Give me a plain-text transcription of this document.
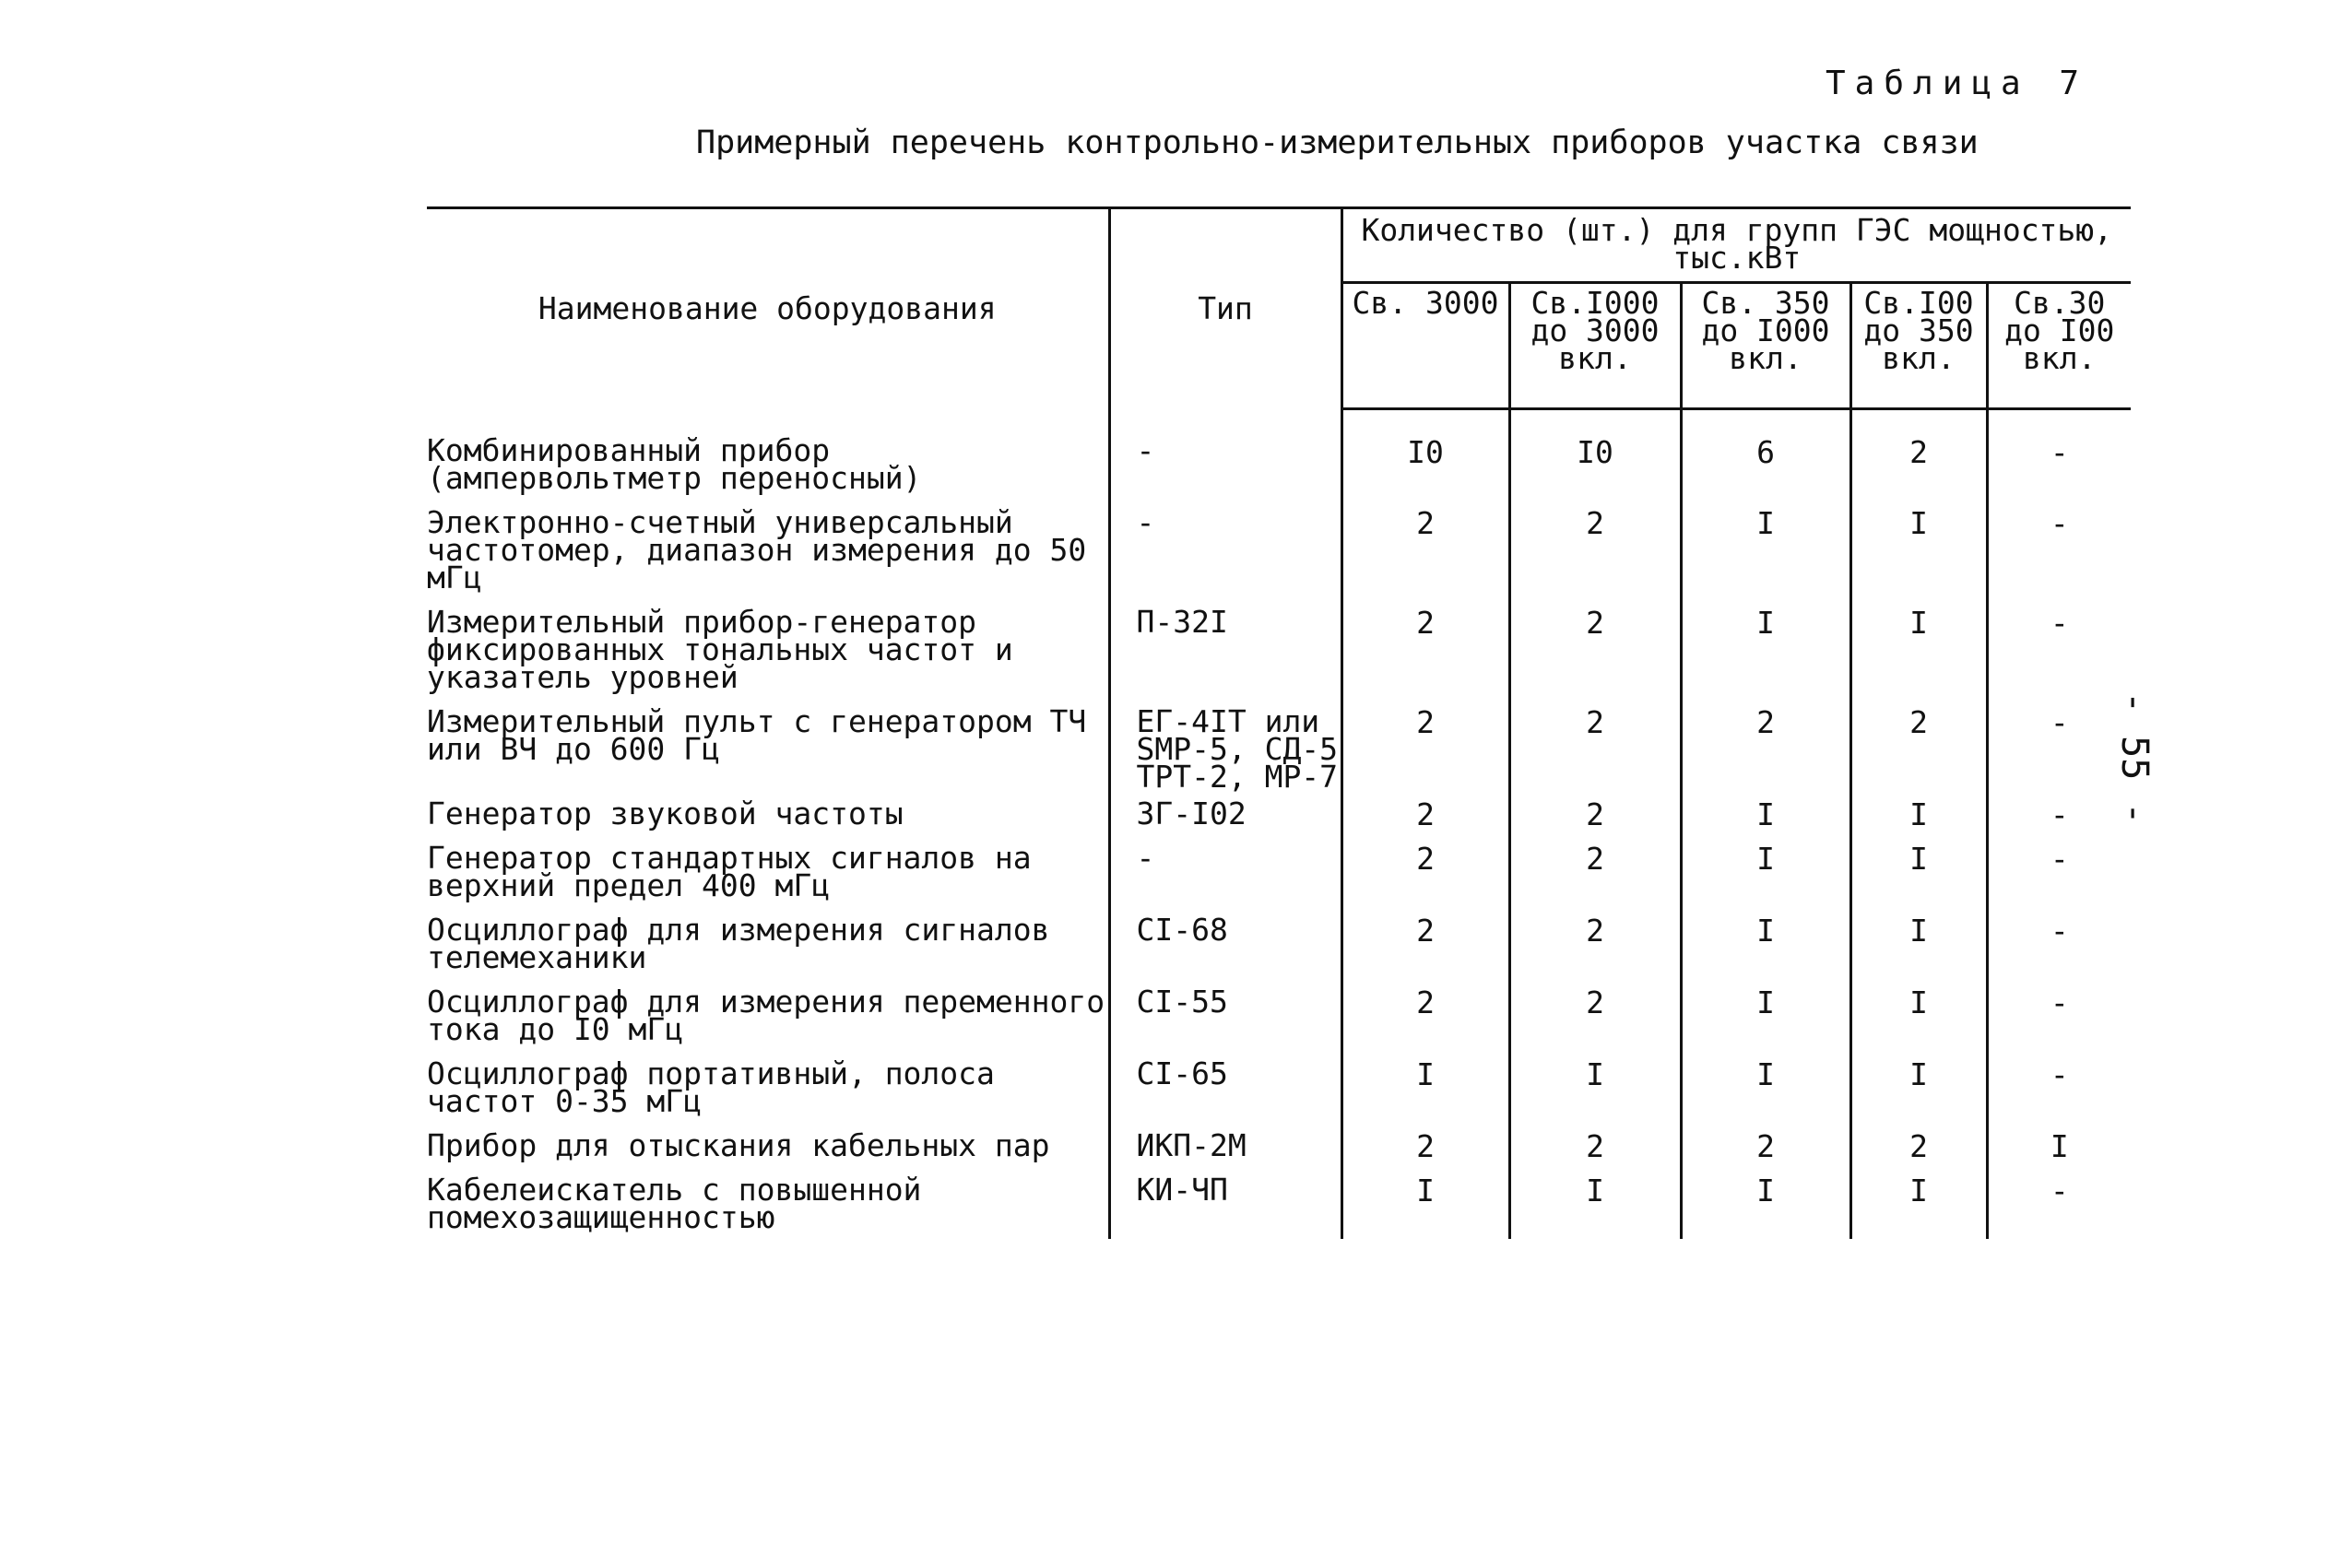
Таблица 7
Примерный перечень контрольно-измерительных приборов участка связи
- 55 -
Наименование оборудования	Тип	Количество (шт.) для групп ГЭС мощностью, тыс.кВт				
		Св. 3000	Св.I000 до 3000 вкл.	Св. 350 до I000 вкл.	Св.I00 до 350 вкл.	Св.30 до I00 вкл.
Комбинированный прибор (ампервольтметр переносный)	-	I0	I0	6	2	-
Электронно-счетный универсальный частотомер, диапазон измерения до 50 мГц	-	2	2	I	I	-
Измерительный прибор-генератор фиксированных тональных частот и указатель уровней	П-32I	2	2	I	I	-
Измерительный пульт с генератором ТЧ или ВЧ до 600 Гц	ЕГ-4IТ или SMP-5, СД-5 ТРТ-2, МР-7	2	2	2	2	-
Генератор звуковой частоты	ЗГ-I02	2	2	I	I	-
Генератор стандартных сигналов на верхний предел 400 мГц	-	2	2	I	I	-
Осциллограф для измерения сигналов телемеханики	СI-68	2	2	I	I	-
Осциллограф для измерения переменного тока до I0 мГц	СI-55	2	2	I	I	-
Осциллограф портативный, полоса частот 0-35 мГц	СI-65	I	I	I	I	-
Прибор для отыскания кабельных пар	ИКП-2М	2	2	2	2	I
Кабелеискатель с повышенной помехозащищенностью	КИ-ЧП	I	I	I	I	-
